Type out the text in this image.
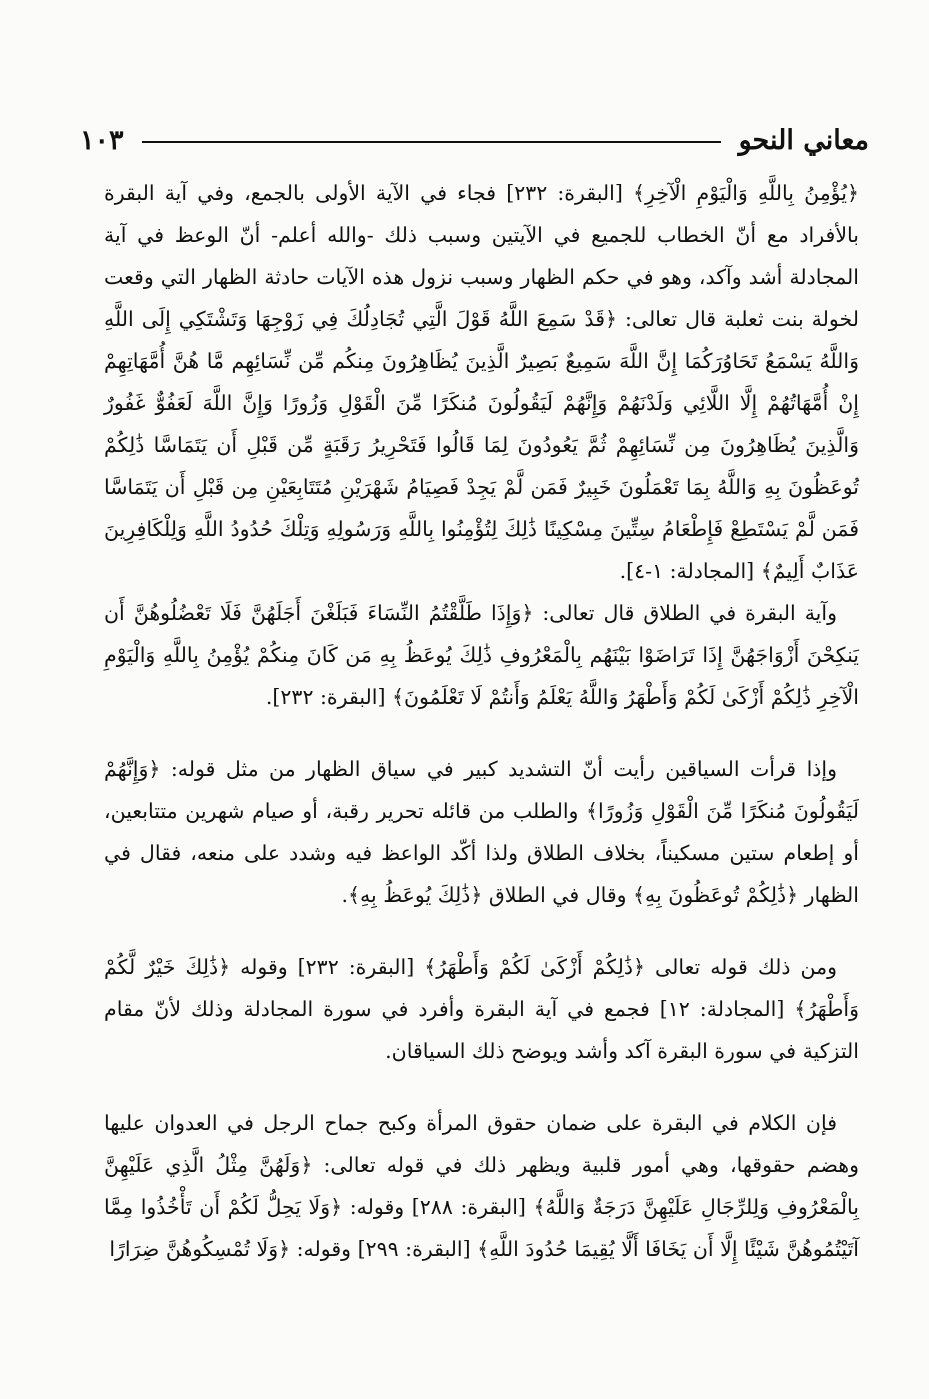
معاني النحو
١٠٣

﴿يُؤْمِنُ بِاللَّهِ وَالْيَوْمِ الْآخِرِ﴾ [البقرة: ٢٣٢] فجاء في الآية الأولى بالجمع، وفي آية البقرة بالأفراد مع أنّ الخطاب للجميع في الآيتين وسبب ذلك -والله أعلم- أنّ الوعظ في آية المجادلة أشد وآكد، وهو في حكم الظهار وسبب نزول هذه الآيات حادثة الظهار التي وقعت لخولة بنت ثعلبة قال تعالى: ﴿قَدْ سَمِعَ اللَّهُ قَوْلَ الَّتِي تُجَادِلُكَ فِي زَوْجِهَا وَتَشْتَكِي إِلَى اللَّهِ وَاللَّهُ يَسْمَعُ تَحَاوُرَكُمَا إِنَّ اللَّهَ سَمِيعٌ بَصِيرٌ الَّذِينَ يُظَاهِرُونَ مِنكُم مِّن نِّسَائِهِم مَّا هُنَّ أُمَّهَاتِهِمْ إِنْ أُمَّهَاتُهُمْ إِلَّا اللَّائِي وَلَدْنَهُمْ وَإِنَّهُمْ لَيَقُولُونَ مُنكَرًا مِّنَ الْقَوْلِ وَزُورًا وَإِنَّ اللَّهَ لَعَفُوٌّ غَفُورٌ وَالَّذِينَ يُظَاهِرُونَ مِن نِّسَائِهِمْ ثُمَّ يَعُودُونَ لِمَا قَالُوا فَتَحْرِيرُ رَقَبَةٍ مِّن قَبْلِ أَن يَتَمَاسَّا ذَٰلِكُمْ تُوعَظُونَ بِهِ وَاللَّهُ بِمَا تَعْمَلُونَ خَبِيرٌ فَمَن لَّمْ يَجِدْ فَصِيَامُ شَهْرَيْنِ مُتَتَابِعَيْنِ مِن قَبْلِ أَن يَتَمَاسَّا فَمَن لَّمْ يَسْتَطِعْ فَإِطْعَامُ سِتِّينَ مِسْكِينًا ذَٰلِكَ لِتُؤْمِنُوا بِاللَّهِ وَرَسُولِهِ وَتِلْكَ حُدُودُ اللَّهِ وَلِلْكَافِرِينَ عَذَابٌ أَلِيمٌ﴾ [المجادلة: ١-٤].

وآية البقرة في الطلاق قال تعالى: ﴿وَإِذَا طَلَّقْتُمُ النِّسَاءَ فَبَلَغْنَ أَجَلَهُنَّ فَلَا تَعْضُلُوهُنَّ أَن يَنكِحْنَ أَزْوَاجَهُنَّ إِذَا تَرَاضَوْا بَيْنَهُم بِالْمَعْرُوفِ ذَٰلِكَ يُوعَظُ بِهِ مَن كَانَ مِنكُمْ يُؤْمِنُ بِاللَّهِ وَالْيَوْمِ الْآخِرِ ذَٰلِكُمْ أَزْكَىٰ لَكُمْ وَأَطْهَرُ وَاللَّهُ يَعْلَمُ وَأَنتُمْ لَا تَعْلَمُونَ﴾ [البقرة: ٢٣٢].

وإذا قرأت السياقين رأيت أنّ التشديد كبير في سياق الظهار من مثل قوله: ﴿وَإِنَّهُمْ لَيَقُولُونَ مُنكَرًا مِّنَ الْقَوْلِ وَزُورًا﴾ والطلب من قائله تحرير رقبة، أو صيام شهرين متتابعين، أو إطعام ستين مسكيناً، بخلاف الطلاق ولذا أكّد الواعظ فيه وشدد على منعه، فقال في الظهار ﴿ذَٰلِكُمْ تُوعَظُونَ بِهِ﴾ وقال في الطلاق ﴿ذَٰلِكَ يُوعَظُ بِهِ﴾.

ومن ذلك قوله تعالى ﴿ذَٰلِكُمْ أَزْكَىٰ لَكُمْ وَأَطْهَرُ﴾ [البقرة: ٢٣٢] وقوله ﴿ذَٰلِكَ خَيْرٌ لَّكُمْ وَأَطْهَرُ﴾ [المجادلة: ١٢] فجمع في آية البقرة وأفرد في سورة المجادلة وذلك لأنّ مقام التزكية في سورة البقرة آكد وأشد ويوضح ذلك السياقان.

فإن الكلام في البقرة على ضمان حقوق المرأة وكبح جماح الرجل في العدوان عليها وهضم حقوقها، وهي أمور قلبية ويظهر ذلك في قوله تعالى: ﴿وَلَهُنَّ مِثْلُ الَّذِي عَلَيْهِنَّ بِالْمَعْرُوفِ وَلِلرِّجَالِ عَلَيْهِنَّ دَرَجَةٌ وَاللَّهُ﴾ [البقرة: ٢٨٨] وقوله: ﴿وَلَا يَحِلُّ لَكُمْ أَن تَأْخُذُوا مِمَّا آتَيْتُمُوهُنَّ شَيْئًا إِلَّا أَن يَخَافَا أَلَّا يُقِيمَا حُدُودَ اللَّهِ﴾ [البقرة: ٢٩٩] وقوله: ﴿وَلَا تُمْسِكُوهُنَّ ضِرَارًا
